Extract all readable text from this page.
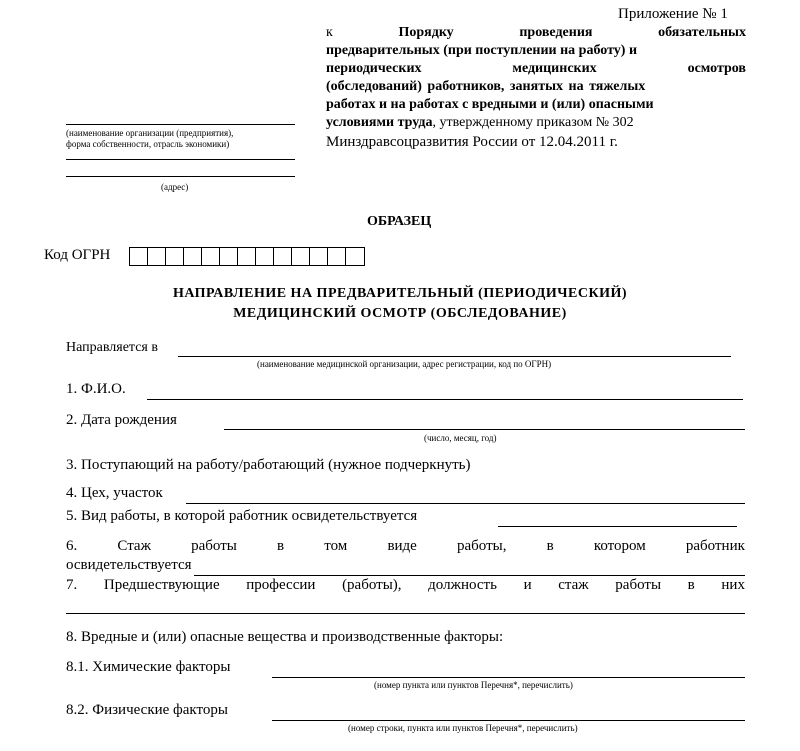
Приложение № 1
к	Порядку	проведения	обязательных
предварительных (при поступлении на работу) и
периодических	медицинских	осмотров
(обследований) работников, занятых на тяжелых
работах и на работах с вредными и (или) опасными
условиями труда, утвержденному приказом № 302
Минздравсоцразвития России от 12.04.2011 г.
(наименование организации (предприятия),
форма собственности, отрасль экономики)
(адрес)
ОБРАЗЕЦ
Код ОГРН
НАПРАВЛЕНИЕ НА ПРЕДВАРИТЕЛЬНЫЙ (ПЕРИОДИЧЕСКИЙ)
МЕДИЦИНСКИЙ ОСМОТР (ОБСЛЕДОВАНИЕ)
Направляется в
(наименование медицинской организации, адрес регистрации, код по ОГРН)
1. Ф.И.О.
2. Дата рождения
(число, месяц, год)
3. Поступающий на работу/работающий (нужное подчеркнуть)
4. Цех, участок
5. Вид работы, в которой работник освидетельствуется
6.	Стаж	работы	в	том	виде	работы,	в	котором	работник
освидетельствуется
7. Предшествующие профессии (работы), должность и стаж работы в них
8. Вредные и (или) опасные вещества и производственные факторы:
8.1. Химические факторы
(номер пункта или пунктов Перечня*, перечислить)
8.2. Физические факторы
(номер строки, пункта или пунктов Перечня*, перечислить)
